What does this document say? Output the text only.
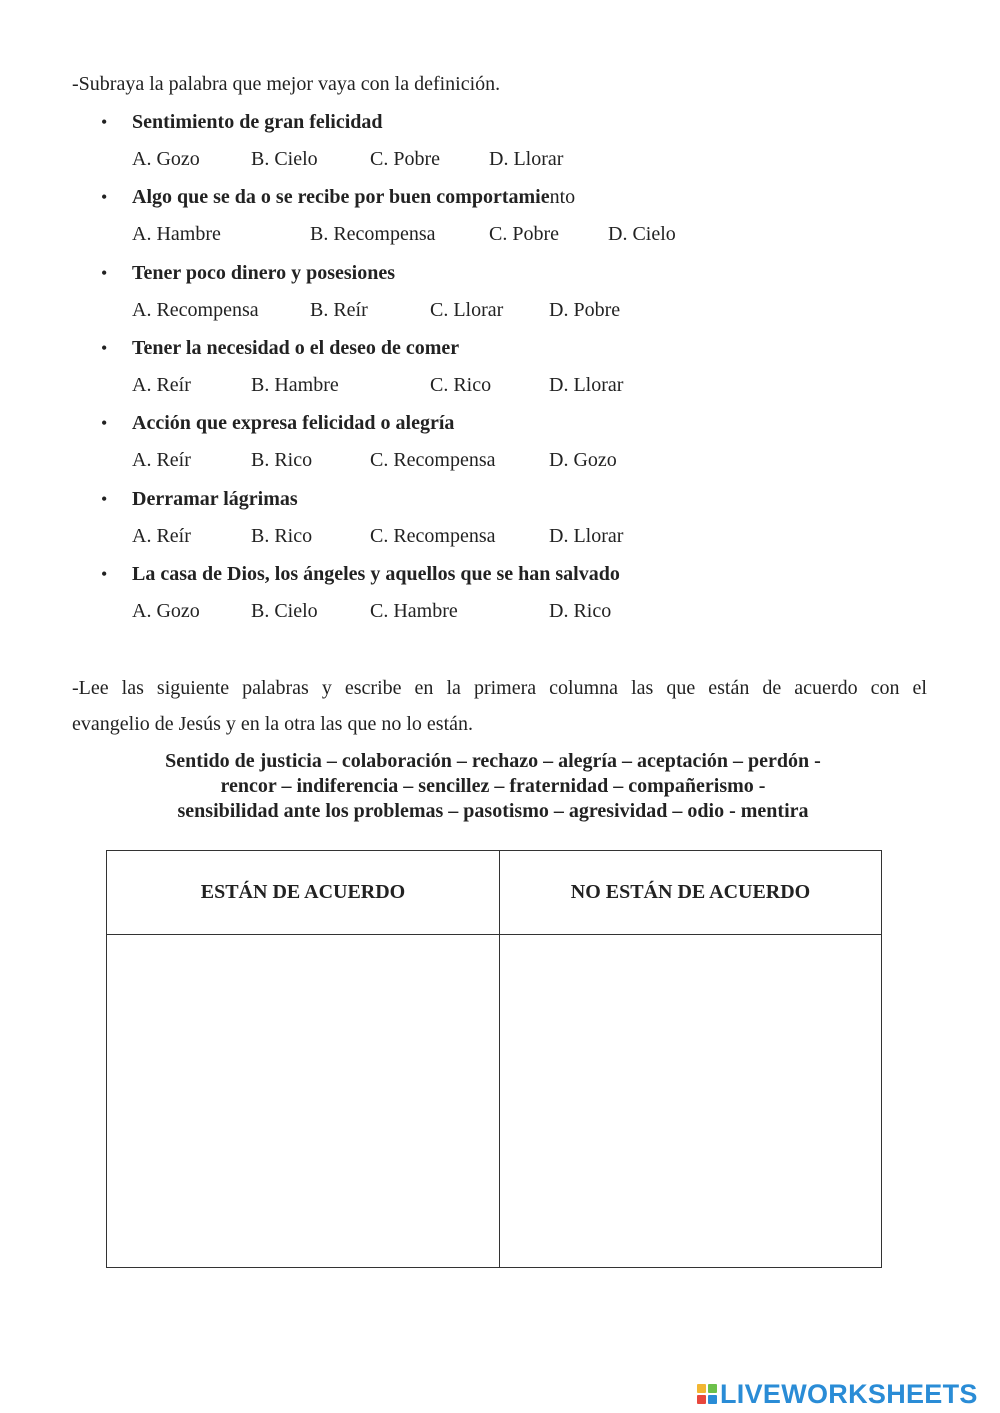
-Subraya la palabra que mejor vaya con la definición.
• Sentimiento de gran felicidad
A. Gozo	B. Cielo	C. Pobre D. Llorar
• Algo que se da o se recibe por buen comportamiento
A. Hambre	B. Recompensa	C. Pobre D. Cielo
• Tener poco dinero y posesiones
A. Recompensa	B. Reír	C. Llorar D. Pobre
• Tener la necesidad o el deseo de comer
A. Reír	B. Hambre	C. Rico	D. Llorar
• Acción que expresa felicidad o alegría
A. Reír	B. Rico	C. Recompensa	D. Gozo
• Derramar lágrimas
A. Reír	B. Rico	C. Recompensa	D. Llorar
• La casa de Dios, los ángeles y aquellos que se han salvado
A. Gozo	B. Cielo	C. Hambre	D. Rico
-Lee las siguiente palabras y escribe en la primera columna las que están de acuerdo con el
evangelio de Jesús y en la otra las que no lo están.
Sentido de justicia – colaboración – rechazo – alegría – aceptación – perdón -
rencor – indiferencia – sencillez – fraternidad – compañerismo -
sensibilidad ante los problemas – pasotismo – agresividad – odio - mentira
ESTÁN DE ACUERDO	NO ESTÁN DE ACUERDO

LIVEWORKSHEETS
